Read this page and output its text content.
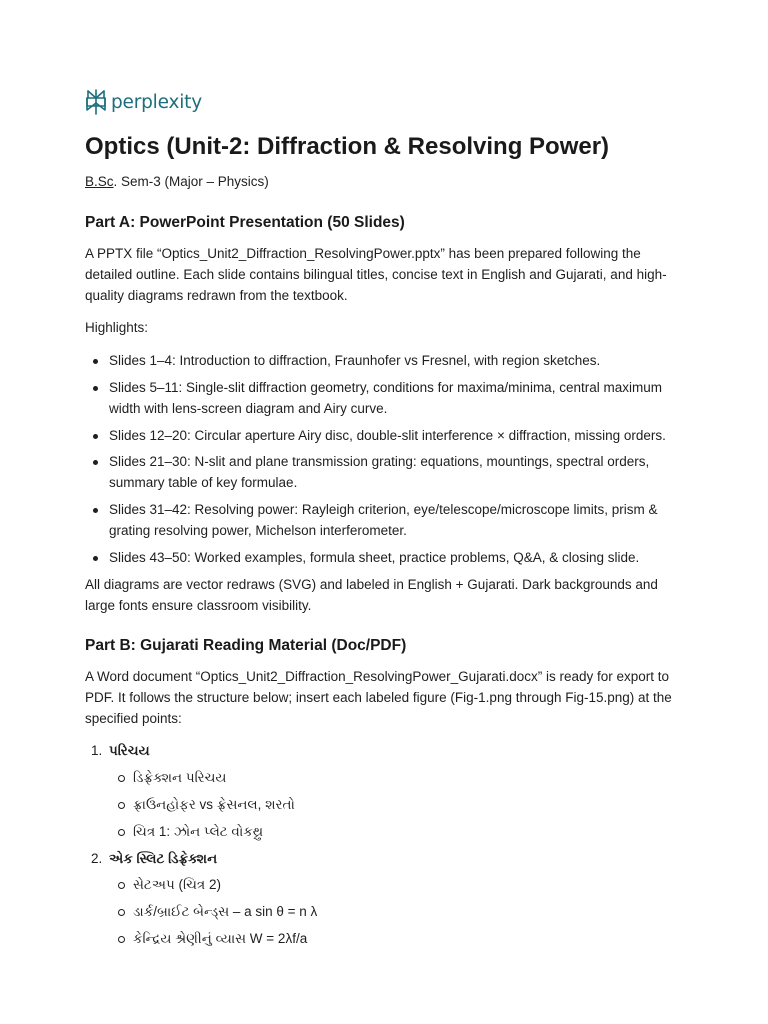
perplexity
Optics (Unit-2: Diffraction & Resolving Power)
B.Sc. Sem-3 (Major – Physics)
Part A: PowerPoint Presentation (50 Slides)

A PPTX file “Optics_Unit2_Diffraction_ResolvingPower.pptx” has been prepared following the detailed outline. Each slide contains bilingual titles, concise text in English and Gujarati, and high-quality diagrams redrawn from the textbook.

Highlights:

Slides 1–4: Introduction to diffraction, Fraunhofer vs Fresnel, with region sketches.
Slides 5–11: Single-slit diffraction geometry, conditions for maxima/minima, central maximum width with lens-screen diagram and Airy curve.
Slides 12–20: Circular aperture Airy disc, double-slit interference × diffraction, missing orders.
Slides 21–30: N-slit and plane transmission grating: equations, mountings, spectral orders, summary table of key formulae.
Slides 31–42: Resolving power: Rayleigh criterion, eye/telescope/microscope limits, prism & grating resolving power, Michelson interferometer.
Slides 43–50: Worked examples, formula sheet, practice problems, Q&A, & closing slide.

All diagrams are vector redraws (SVG) and labeled in English + Gujarati. Dark backgrounds and large fonts ensure classroom visibility.

Part B: Gujarati Reading Material (Doc/PDF)

A Word document “Optics_Unit2_Diffraction_ResolvingPower_Gujarati.docx” is ready for export to PDF. It follows the structure below; insert each labeled figure (Fig-1.png through Fig-15.png) at the specified points:

1. પરિચય
ડિફ્રેક્શન પરિચય
ફ્રાઉનહોફર vs ફ્રેસનલ, શરતો
ચિત્ર 1: ઝોન પ્લેટ વોકથ્રુ
2. એક સ્લિટ ડિફ્રેક્શન
સેટઅપ (ચિત્ર 2)
ડાર્ક/બ્રાઈટ બેન્ડ્સ – a sin θ = n λ
કેન્દ્રિય શ્રેણીનું વ્યાસ W = 2λf/a
